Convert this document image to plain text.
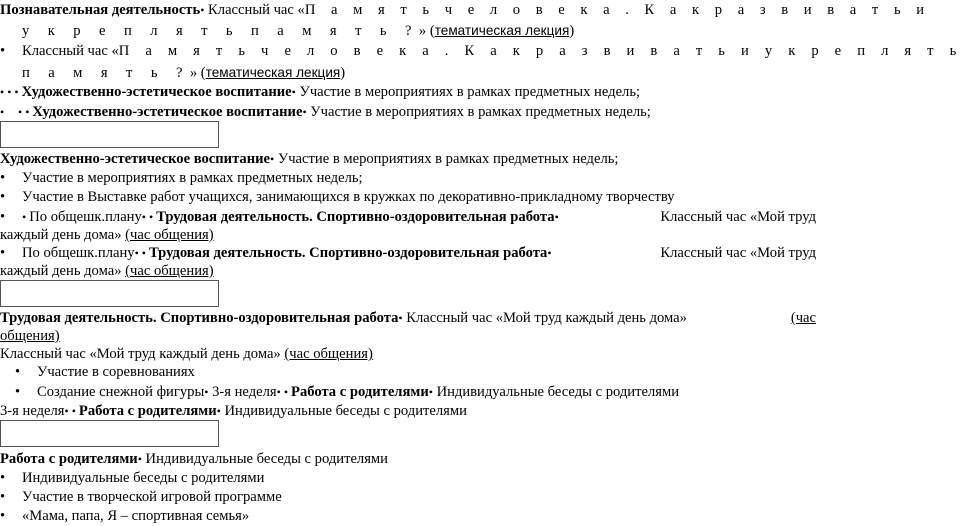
Познавательная деятельность• Классный час « П а м я т ь ч е л о в е к а . К а к р а з в и в а т ь и
у к р е п л я т ь п а м я т ь ?» (тематическая лекция)
• Классный час « П а м я т ь ч е л о в е к а . К а к р а з в и в а т ь и у к р е п л я т ь
п а м я т ь ?» (тематическая лекция)
• • • Художественно-эстетическое воспитание• Участие в мероприятиях в рамках предметных недель;
•• • Художественно-эстетическое воспитание• Участие в мероприятиях в рамках предметных недель;
Художественно-эстетическое воспитание• Участие в мероприятиях в рамках предметных недель;
• Участие в мероприятиях в рамках предметных недель;
• Участие в Выставке работ учащихся, занимающихся в кружках по декоративно-прикладному творчеству
• • По общешк.плану• • Трудовая деятельность. Спортивно-оздоровительная работа•	Классный час «Мой труд
каждый день дома» (час общения)
• По общешк.плану• • Трудовая деятельность. Спортивно-оздоровительная работа•	Классный час «Мой труд
каждый день дома» (час общения)
Трудовая деятельность. Спортивно-оздоровительная работа• Классный час «Мой труд каждый день дома»	(час
общения)
Классный час «Мой труд каждый день дома» (час общения)
• Участие в соревнованиях
• Создание снежной фигуры• 3-я неделя• • Работа с родителями• Индивидуальные беседы с родителями
3-я неделя• • Работа с родителями• Индивидуальные беседы с родителями
Работа с родителями• Индивидуальные беседы с родителями
• Индивидуальные беседы с родителями
• Участие в творческой игровой программе
• «Мама, папа, Я – спортивная семья»
